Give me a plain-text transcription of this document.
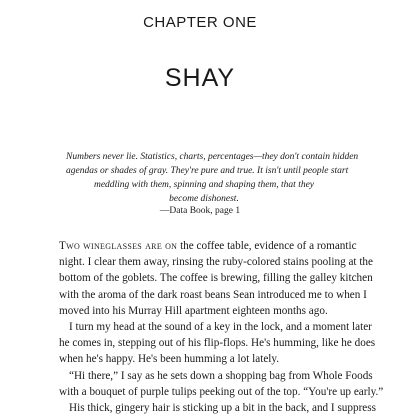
CHAPTER ONE
SHAY
Numbers never lie. Statistics, charts, percentages—they don't contain hidden
agendas or shades of gray. They're pure and true. It isn't until people start
meddling with them, spinning and shaping them, that they
become dishonest.
—Data Book, page 1
Two wineglasses are on the coffee table, evidence of a romantic
night. I clear them away, rinsing the ruby-colored stains pooling at the
bottom of the goblets. The coffee is brewing, filling the galley kitchen
with the aroma of the dark roast beans Sean introduced me to when I
moved into his Murray Hill apartment eighteen months ago.
I turn my head at the sound of a key in the lock, and a moment later
he comes in, stepping out of his flip-flops. He's humming, like he does
when he's happy. He's been humming a lot lately.
“Hi there,” I say as he sets down a shopping bag from Whole Foods
with a bouquet of purple tulips peeking out of the top. “You're up early.”
His thick, gingery hair is sticking up a bit in the back, and I suppress
